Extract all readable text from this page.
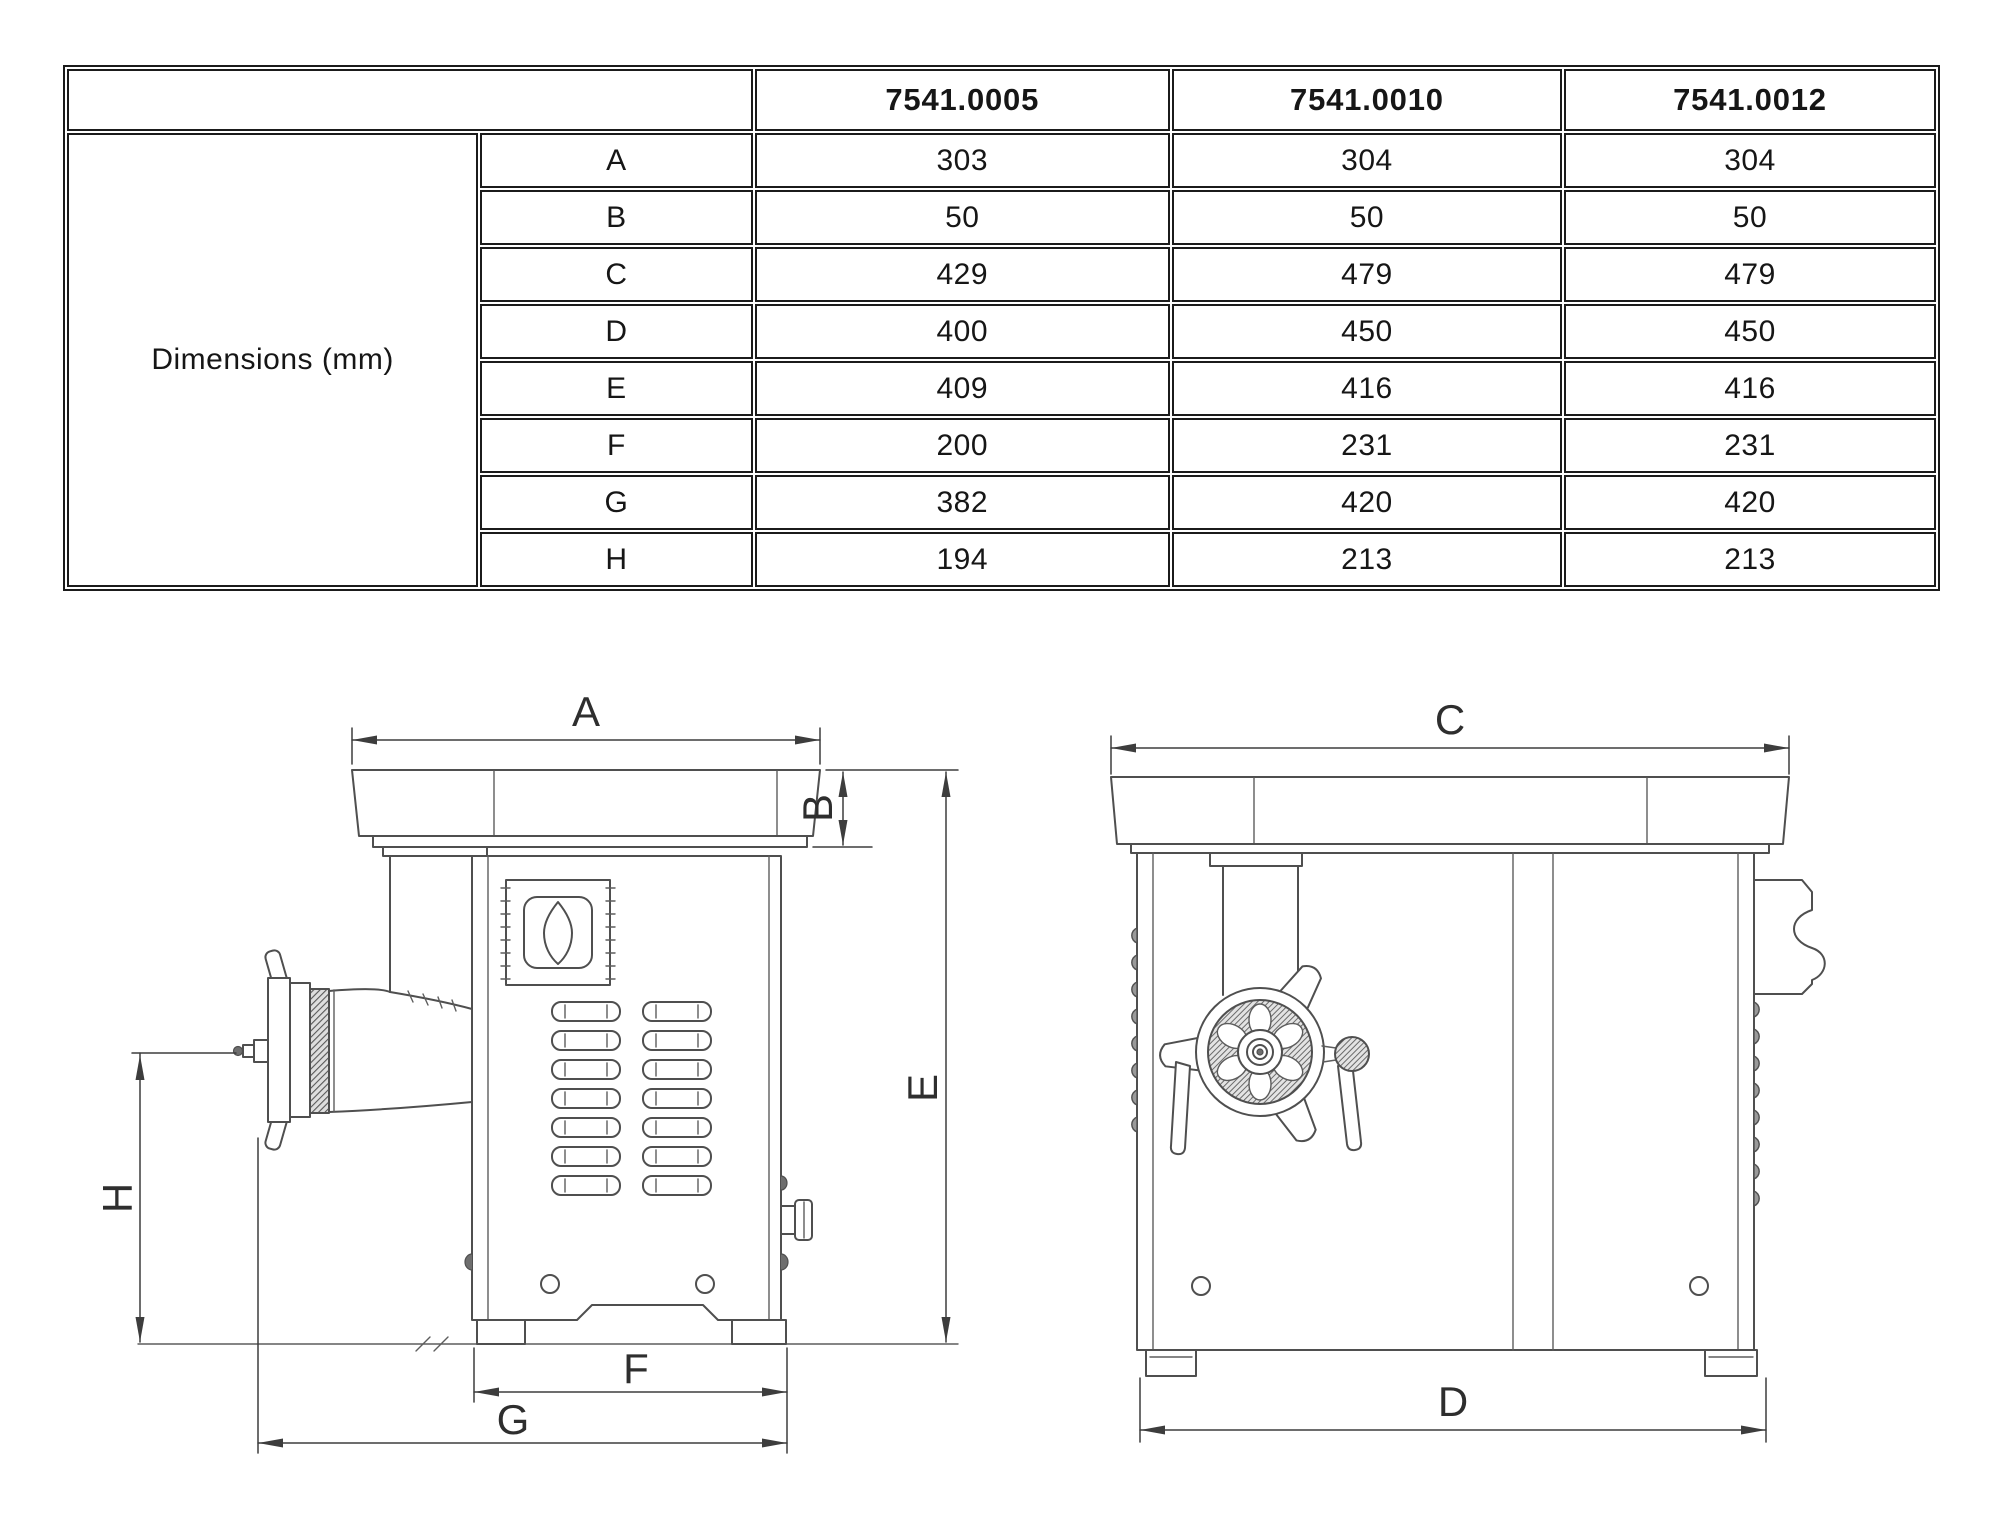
		7541.0005	7541.0010	7541.0012
Dimensions (mm)	A	303	304	304
	B	50	50	50
	C	429	479	479
	D	400	450	450
	E	409	416	416
	F	200	231	231
	G	382	420	420
	H	194	213	213
A
B
E
H
F
G
C
D
